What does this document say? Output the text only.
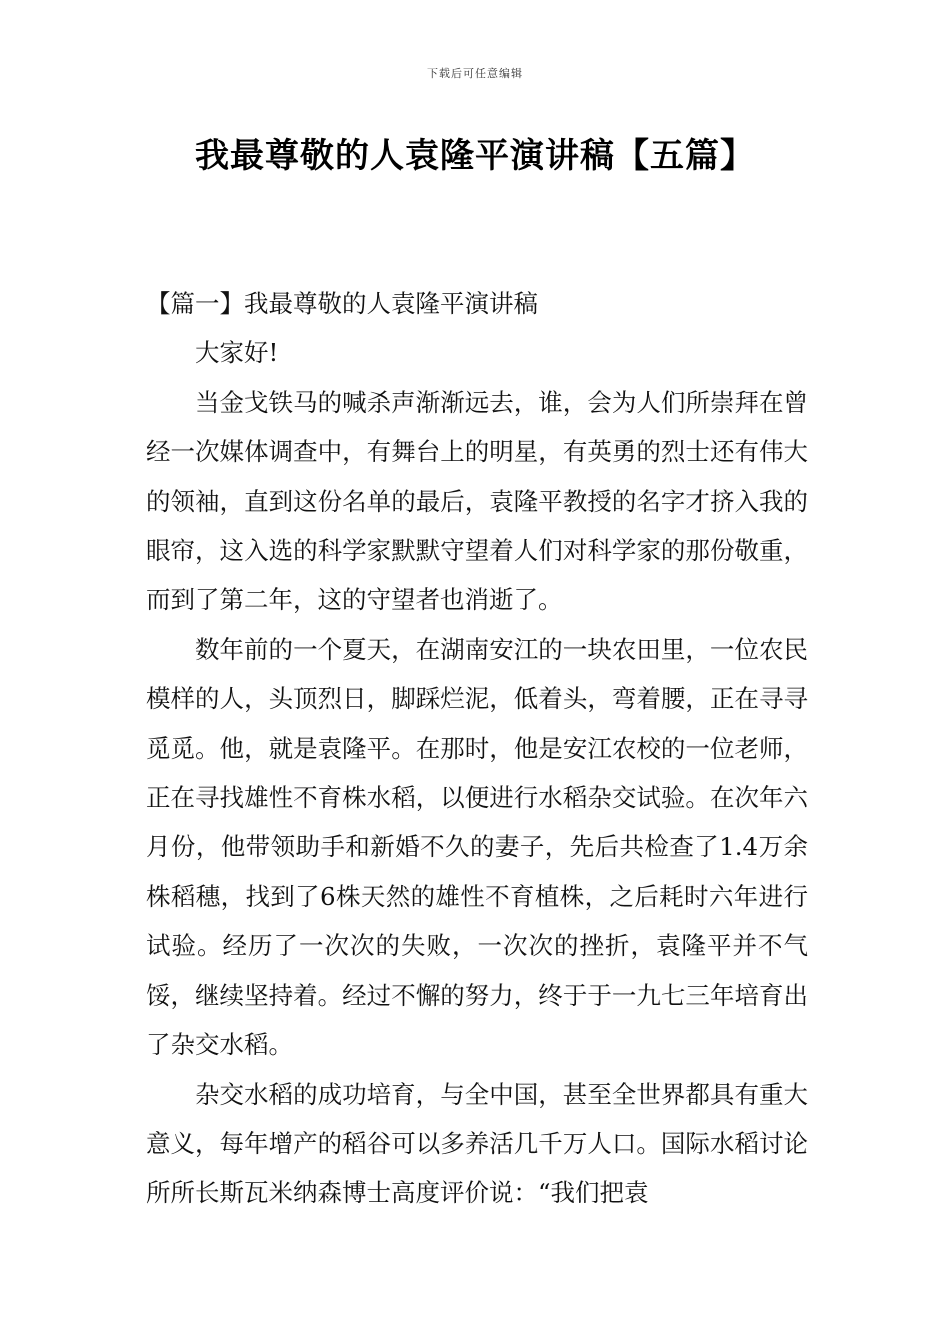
下载后可任意编辑
我最尊敬的人袁隆平演讲稿【五篇】

【篇一】我最尊敬的人袁隆平演讲稿

大家好!

当金戈铁马的喊杀声渐渐远去，谁，会为人们所崇拜在曾经一次媒体调查中，有舞台上的明星，有英勇的烈士还有伟大的领袖，直到这份名单的最后，袁隆平教授的名字才挤入我的眼帘，这入选的科学家默默守望着人们对科学家的那份敬重，而到了第二年，这的守望者也消逝了。

数年前的一个夏天，在湖南安江的一块农田里，一位农民模样的人，头顶烈日，脚踩烂泥，低着头，弯着腰，正在寻寻觅觅。他，就是袁隆平。在那时，他是安江农校的一位老师，正在寻找雄性不育株水稻，以便进行水稻杂交试验。在次年六月份，他带领助手和新婚不久的妻子，先后共检查了1.4万余株稻穗，找到了6株天然的雄性不育植株，之后耗时六年进行试验。经历了一次次的失败，一次次的挫折，袁隆平并不气馁，继续坚持着。经过不懈的努力，终于于一九七三年培育出了杂交水稻。

杂交水稻的成功培育，与全中国，甚至全世界都具有重大意义，每年增产的稻谷可以多养活几千万人口。国际水稻讨论所所长斯瓦米纳森博士高度评价说：“我们把袁
